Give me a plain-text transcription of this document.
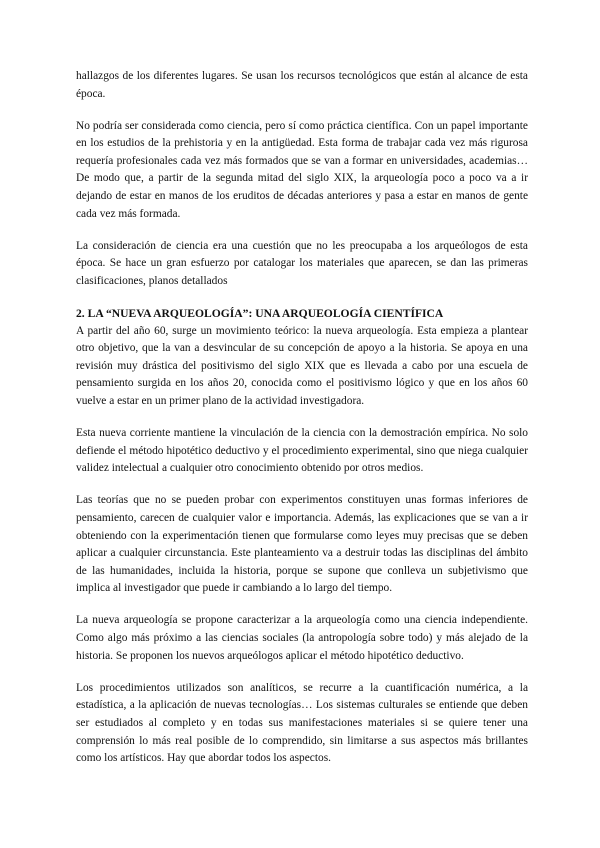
hallazgos de los diferentes lugares. Se usan los recursos tecnológicos que están al alcance de esta época.

No podría ser considerada como ciencia, pero sí como práctica científica. Con un papel importante en los estudios de la prehistoria y en la antigüedad. Esta forma de trabajar cada vez más rigurosa requería profesionales cada vez más formados que se van a formar en universidades, academias… De modo que, a partir de la segunda mitad del siglo XIX, la arqueología poco a poco va a ir dejando de estar en manos de los eruditos de décadas anteriores y pasa a estar en manos de gente cada vez más formada.

La consideración de ciencia era una cuestión que no les preocupaba a los arqueólogos de esta época. Se hace un gran esfuerzo por catalogar los materiales que aparecen, se dan las primeras clasificaciones, planos detallados

2. LA “NUEVA ARQUEOLOGÍA”: UNA ARQUEOLOGÍA CIENTÍFICA

A partir del año 60, surge un movimiento teórico: la nueva arqueología. Esta empieza a plantear otro objetivo, que la van a desvincular de su concepción de apoyo a la historia. Se apoya en una revisión muy drástica del positivismo del siglo XIX que es llevada a cabo por una escuela de pensamiento surgida en los años 20, conocida como el positivismo lógico y que en los años 60 vuelve a estar en un primer plano de la actividad investigadora.

Esta nueva corriente mantiene la vinculación de la ciencia con la demostración empírica. No solo defiende el método hipotético deductivo y el procedimiento experimental, sino que niega cualquier validez intelectual a cualquier otro conocimiento obtenido por otros medios.

Las teorías que no se pueden probar con experimentos constituyen unas formas inferiores de pensamiento, carecen de cualquier valor e importancia. Además, las explicaciones que se van a ir obteniendo con la experimentación tienen que formularse como leyes muy precisas que se deben aplicar a cualquier circunstancia. Este planteamiento va a destruir todas las disciplinas del ámbito de las humanidades, incluida la historia, porque se supone que conlleva un subjetivismo que implica al investigador que puede ir cambiando a lo largo del tiempo.

La nueva arqueología se propone caracterizar a la arqueología como una ciencia independiente. Como algo más próximo a las ciencias sociales (la antropología sobre todo) y más alejado de la historia. Se proponen los nuevos arqueólogos aplicar el método hipotético deductivo.

Los procedimientos utilizados son analíticos, se recurre a la cuantificación numérica, a la estadística, a la aplicación de nuevas tecnologías… Los sistemas culturales se entiende que deben ser estudiados al completo y en todas sus manifestaciones materiales si se quiere tener una comprensión lo más real posible de lo comprendido, sin limitarse a sus aspectos más brillantes como los artísticos. Hay que abordar todos los aspectos.
